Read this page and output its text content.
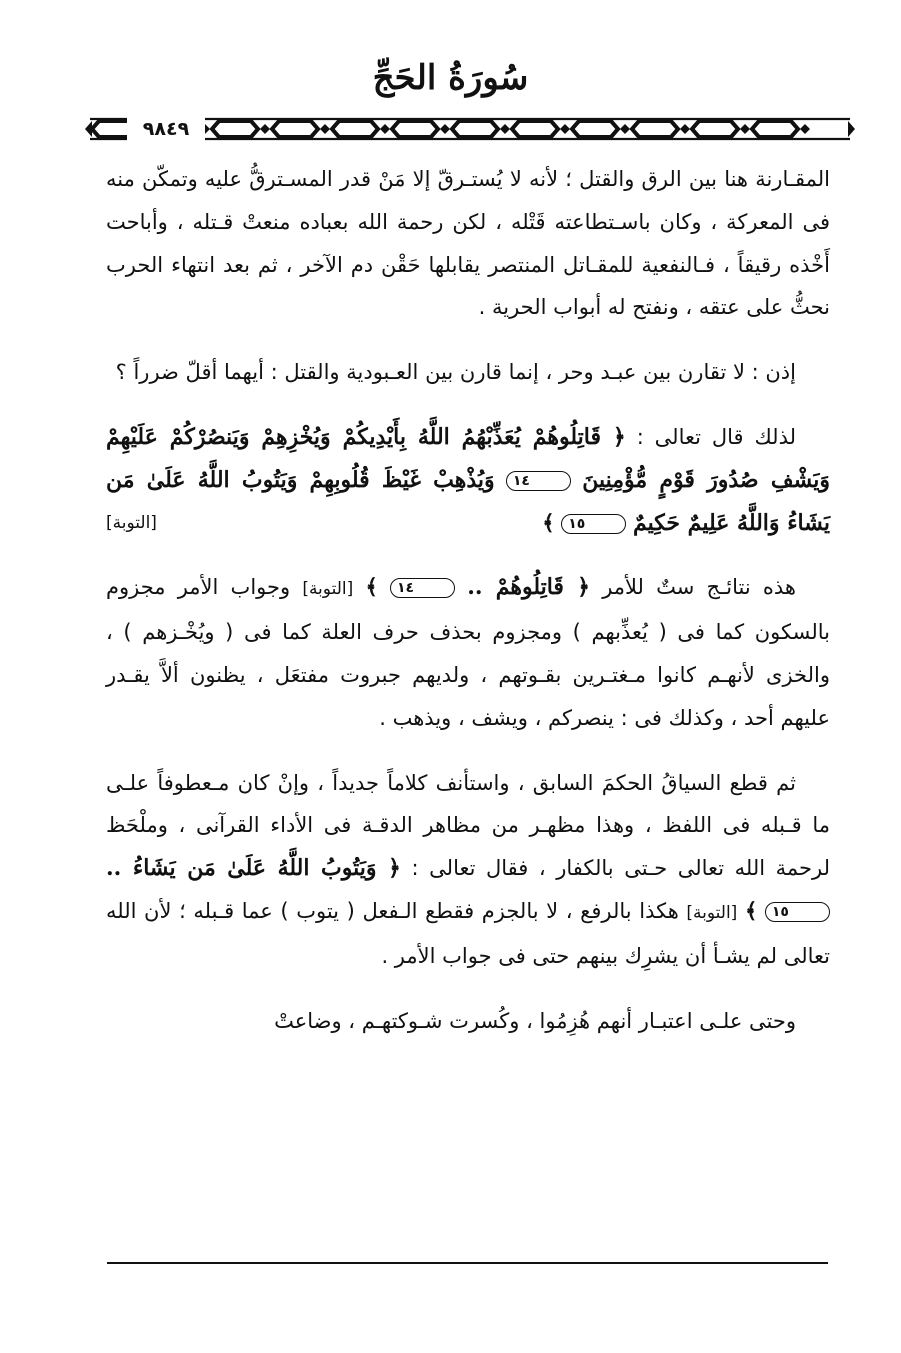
سُورَةُ الحَجِّ
٩٨٤٩

المقـارنة هنا بين الرق والقتل ؛ لأنه لا يُستـرقّ إلا مَنْ قدر المسـترقُّ عليه وتمكّن منه فى المعركة ، وكان باسـتطاعته قَتْله ، لكن رحمة الله بعباده منعتْ قـتله ، وأباحت أَخْذه رقيقاً ، فـالنفعية للمقـاتل المنتصر يقابلها حَقْن دم الآخر ، ثم بعد انتهاء الحرب نحثُّ على عتقه ، ونفتح له أبواب الحرية .

إذن : لا تقارن بين عبـد وحر ، إنما قارن بين العـبودية والقتل : أيهما أقلّ ضرراً ؟

لذلك قال تعالى : ﴿ قَاتِلُوهُمْ يُعَذِّبْهُمُ اللَّهُ بِأَيْدِيكُمْ وَيُخْزِهِمْ وَيَنصُرْكُمْ عَلَيْهِمْ وَيَشْفِ صُدُورَ قَوْمٍ مُّؤْمِنِينَ ١٤ وَيُذْهِبْ غَيْظَ قُلُوبِهِمْ وَيَتُوبُ اللَّهُ عَلَىٰ مَن يَشَاءُ وَاللَّهُ عَلِيمٌ حَكِيمٌ ١٥ ﴾
[التوبة]

هذه نتائـج ستٌ للأمر ﴿ قَاتِلُوهُمْ .. ١٤ ﴾ [التوبة] وجواب الأمر مجزوم بالسكون كما فى ( يُعذِّبهم ) ومجزوم بحذف حرف العلة كما فى ( ويُخْـزهم ) ، والخزى لأنهـم كانوا مـغتـرين بقـوتهم ، ولديهم جبروت مفتعَل ، يظنون ألاَّ يقـدر عليهم أحد ، وكذلك فى : ينصركم ، ويشف ، ويذهب .

ثم قطع السياقُ الحكمَ السابق ، واستأنف كلاماً جديداً ، وإنْ كان مـعطوفاً علـى ما قـبله فى اللفظ ، وهذا مظهـر من مظاهر الدقـة فى الأداء القرآنى ، وملْحَظ لرحمة الله تعالى حـتى بالكفار ، فقال تعالى : ﴿ وَيَتُوبُ اللَّهُ عَلَىٰ مَن يَشَاءُ .. ١٥ ﴾ [التوبة] هكذا بالرفع ، لا بالجزم فقطع الـفعل ( يتوب ) عما قـبله ؛ لأن الله تعالى لم يشـأ أن يشرِك بينهم حتى فى جواب الأمر .

وحتى علـى اعتبـار أنهم هُزِمُوا ، وكُسرت شـوكتهـم ، وضاعتْ
